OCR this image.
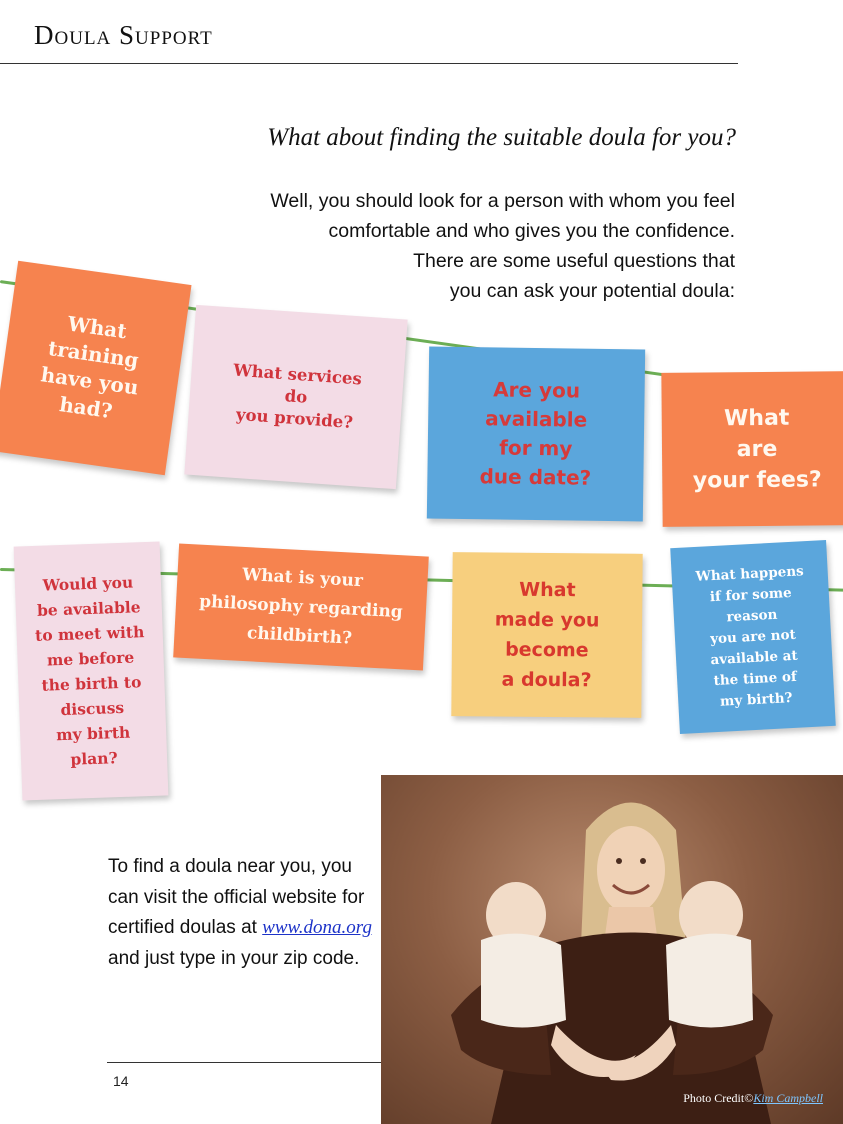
Doula Support
What about finding the suitable doula for you?
Well, you should look for a person with whom you feel
comfortable and who gives you the confidence.
There are some useful questions that
you can ask your potential doula:
What
training
have you
had?
What services
do
you provide?
Are you
available
for my
due date?
What
are
your fees?
Would you
be available
to meet with
me before
the birth to
discuss
my birth
plan?
What is your
philosophy regarding
childbirth?
What
made you
become
a doula?
What happens
if for some
reason
you are not
available at
the time of
my birth?
To find a doula near you, you can visit the official website for certified doulas at www.dona.org and just type in your zip code.
14
Photo Credit©Kim Campbell
